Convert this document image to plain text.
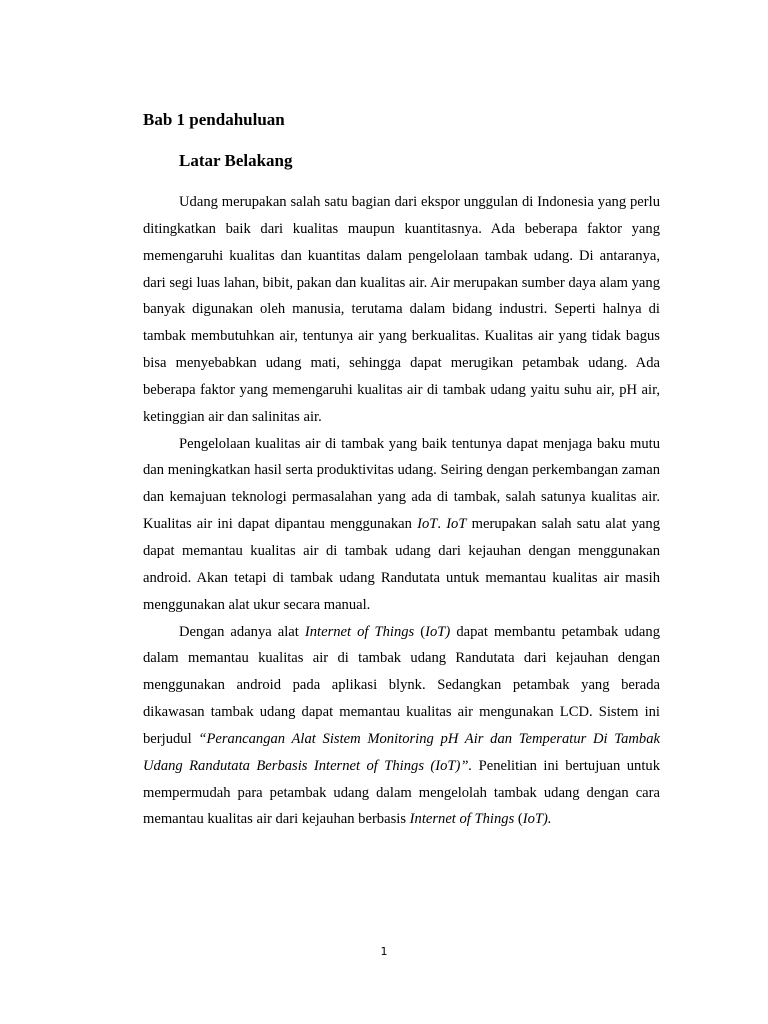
Bab 1 pendahuluan
Latar Belakang

Udang merupakan salah satu bagian dari ekspor unggulan di Indonesia yang perlu ditingkatkan baik dari kualitas maupun kuantitasnya. Ada beberapa faktor yang memengaruhi kualitas dan kuantitas dalam pengelolaan tambak udang. Di antaranya, dari segi luas lahan, bibit, pakan dan kualitas air. Air merupakan sumber daya alam yang banyak digunakan oleh manusia, terutama dalam bidang industri. Seperti halnya di tambak membutuhkan air, tentunya air yang berkualitas. Kualitas air yang tidak bagus bisa menyebabkan udang mati, sehingga dapat merugikan petambak udang. Ada beberapa faktor yang memengaruhi kualitas air di tambak udang yaitu suhu air, pH air, ketinggian air dan salinitas air.

Pengelolaan kualitas air di tambak yang baik tentunya dapat menjaga baku mutu dan meningkatkan hasil serta produktivitas udang. Seiring dengan perkembangan zaman dan kemajuan teknologi permasalahan yang ada di tambak, salah satunya kualitas air. Kualitas air ini dapat dipantau menggunakan IoT. IoT merupakan salah satu alat yang dapat memantau kualitas air di tambak udang dari kejauhan dengan menggunakan android. Akan tetapi di tambak udang Randutata untuk memantau kualitas air masih menggunakan alat ukur secara manual.

Dengan adanya alat Internet of Things (IoT) dapat membantu petambak udang dalam memantau kualitas air di tambak udang Randutata dari kejauhan dengan menggunakan android pada aplikasi blynk. Sedangkan petambak yang berada dikawasan tambak udang dapat memantau kualitas air mengunakan LCD. Sistem ini berjudul “Perancangan Alat Sistem Monitoring pH Air dan Temperatur Di Tambak Udang Randutata Berbasis Internet of Things (IoT)”. Penelitian ini bertujuan untuk mempermudah para petambak udang dalam mengelolah tambak udang dengan cara memantau kualitas air dari kejauhan berbasis Internet of Things (IoT).

1
